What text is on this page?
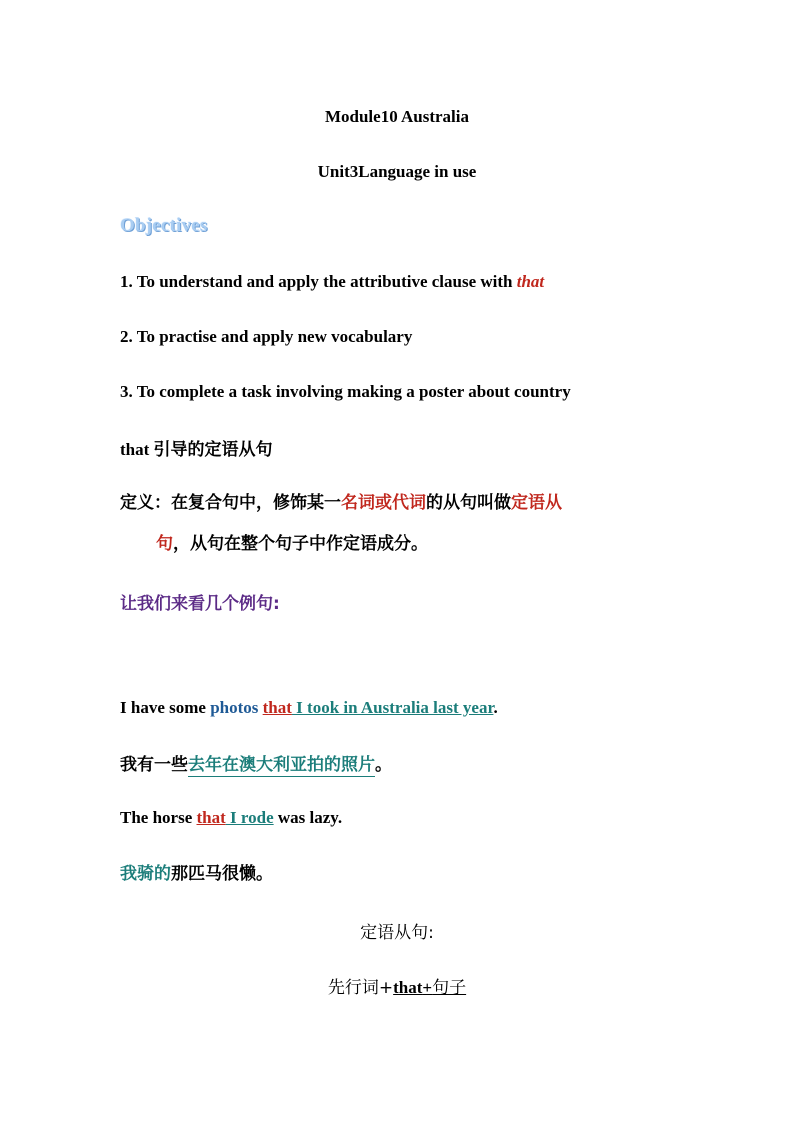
Module10 Australia
Unit3Language in use
Objectives
1. To understand and apply the attributive clause with that
2. To practise and apply new vocabulary
3. To complete a task involving making a poster about country
that 引导的定语从句
定义：在复合句中，修饰某一名词或代词的从句叫做定语从
句，从句在整个句子中作定语成分。
让我们来看几个例句:
I have some photos that I took in Australia last year.
我有一些去年在澳大利亚拍的照片。
The horse that I rode was lazy.
我骑的那匹马很懒。
定语从句:
先行词+that+句子
